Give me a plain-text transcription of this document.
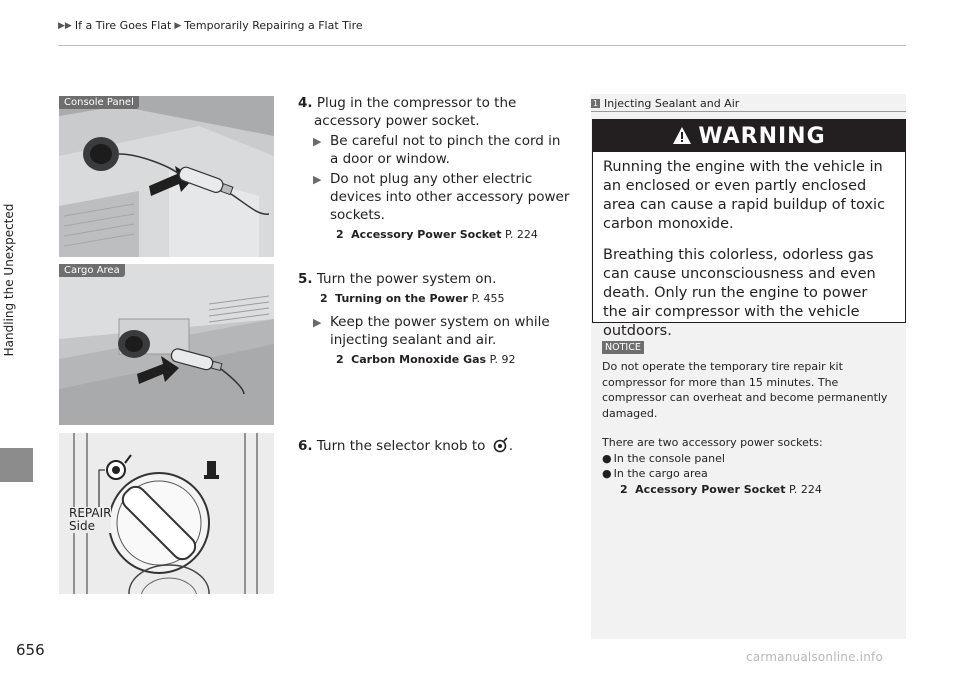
▶▶ If a Tire Goes Flat ▶ Temporarily Repairing a Flat Tire
Handling the Unexpected
Console Panel
Cargo Area
REPAIR
Side
4. Plug in the compressor to the accessory power socket.
▶ Be careful not to pinch the cord in a door or window.
▶ Do not plug any other electric devices into other accessory power sockets.
2 Accessory Power Socket P. 224
5. Turn the power system on.
2 Turning on the Power P. 455
▶ Keep the power system on while injecting sealant and air.
2 Carbon Monoxide Gas P. 92
6. Turn the selector knob to .
1 Injecting Sealant and Air
WARNING

Running the engine with the vehicle in an enclosed or even partly enclosed area can cause a rapid buildup of toxic carbon monoxide.

Breathing this colorless, odorless gas can cause unconsciousness and even death. Only run the engine to power the air compressor with the vehicle outdoors.

NOTICE

Do not operate the temporary tire repair kit compressor for more than 15 minutes. The compressor can overheat and become permanently damaged.

There are two accessory power sockets:

● In the console panel

● In the cargo area

2 Accessory Power Socket P. 224

656	carmanualsonline.info
